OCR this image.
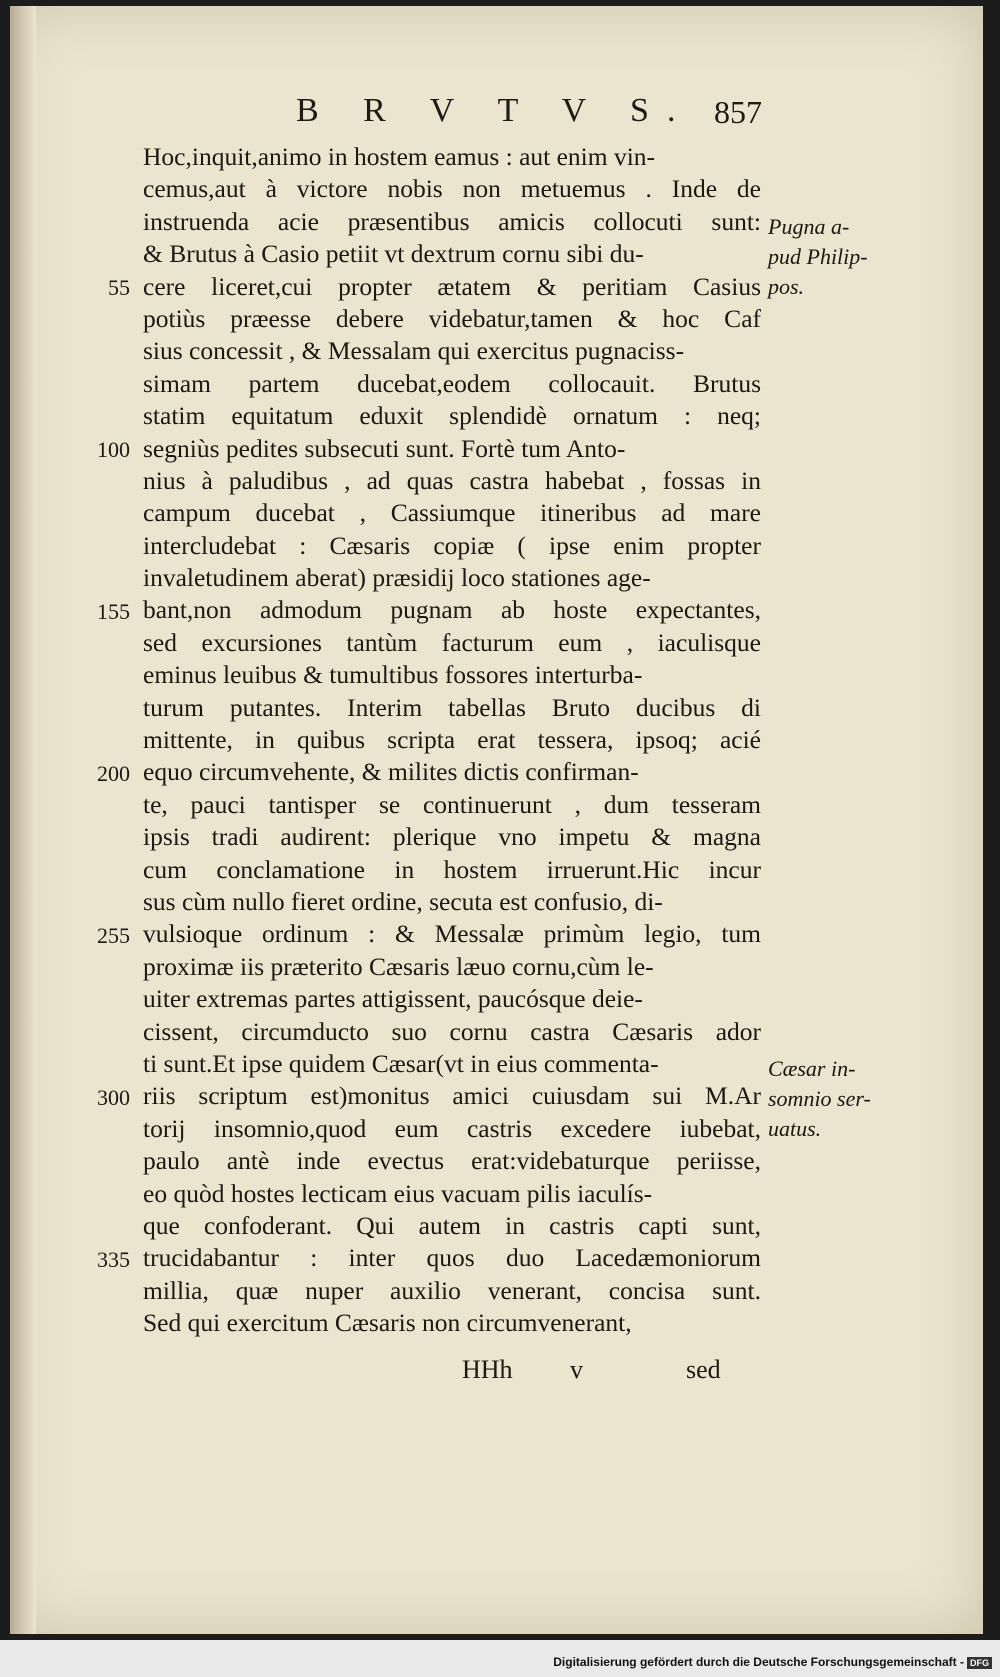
B R V T V S. 857
Hoc,inquit,animo in hostem eamus : aut enim vin-
cemus,aut à victore nobis non metuemus . Inde de
instruenda acie præsentibus amicis collocuti sunt:
& Brutus à Casio petiit vt dextrum cornu sibi du-
cere liceret,cui propter ætatem & peritiam Casius
potiùs præesse debere videbatur,tamen & hoc Caf
sius concessit , & Messalam qui exercitus pugnaciss-
simam partem ducebat,eodem collocauit. Brutus
statim equitatum eduxit splendidè ornatum : neq;
segniùs pedites subsecuti sunt. Fortè tum Anto-
nius à paludibus , ad quas castra habebat , fossas in
campum ducebat , Cassiumque itineribus ad mare
intercludebat : Cæsaris copiæ ( ipse enim propter
invaletudinem aberat) præsidij loco stationes age-
bant,non admodum pugnam ab hoste expectantes,
sed excursiones tantùm facturum eum , iaculisque
eminus leuibus & tumultibus fossores interturba-
turum putantes. Interim tabellas Bruto ducibus di
mittente, in quibus scripta erat tessera, ipsoq; acié
equo circumvehente, & milites dictis confirman-
te, pauci tantisper se continuerunt , dum tesseram
ipsis tradi audirent: plerique vno impetu & magna
cum conclamatione in hostem irruerunt.Hic incur
sus cùm nullo fieret ordine, secuta est confusio, di-
vulsioque ordinum : & Messalæ primùm legio, tum
proximæ iis præterito Cæsaris læuo cornu,cùm le-
uiter extremas partes attigissent, paucósque deie-
cissent, circumducto suo cornu castra Cæsaris ador
ti sunt.Et ipse quidem Cæsar(vt in eius commenta-
riis scriptum est)monitus amici cuiusdam sui M.Ar
torij insomnio,quod eum castris excedere iubebat,
paulo antè inde evectus erat:videbaturque periisse,
eo quòd hostes lecticam eius vacuam pilis iaculís-
que confoderant. Qui autem in castris capti sunt,
trucidabantur : inter quos duo Lacedæmoniorum
millia, quæ nuper auxilio venerant, concisa sunt.
Sed qui exercitum Cæsaris non circumvenerant,
HHh v	sed
55
100
155
200
255
300
335
Pugna a-
pud Philip-
pos.
Cæsar in-
somnio ser-
uatus.
Digitalisierung gefördert durch die Deutsche Forschungsgemeinschaft - DFG
